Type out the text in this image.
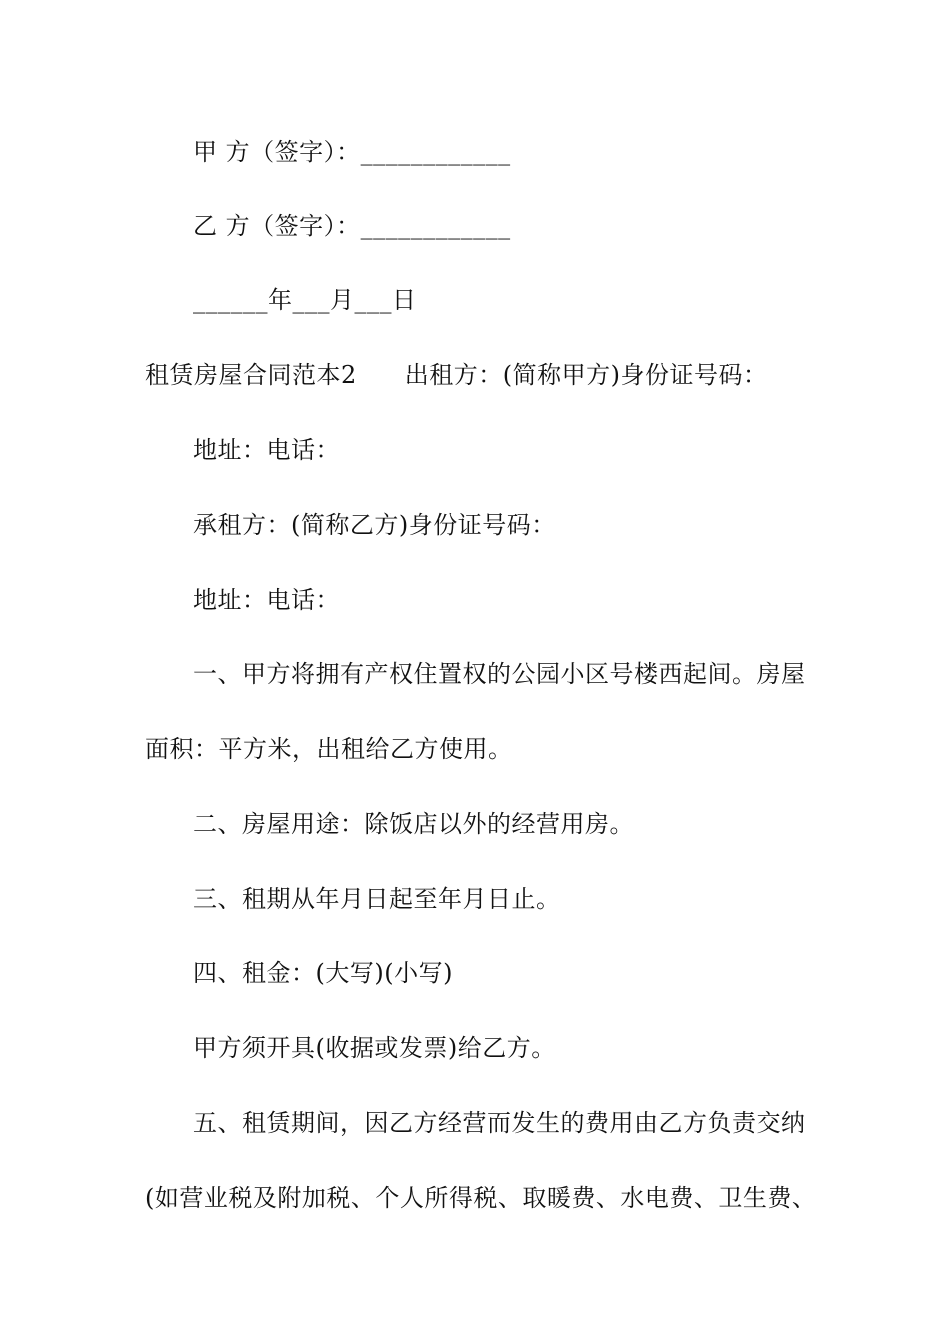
甲 方（签字）：____________
乙 方（签字）：____________
______年___月___日
租赁房屋合同范本2 出租方：(简称甲方)身份证号码：
地址：电话：
承租方：(简称乙方)身份证号码：
地址：电话：
一、甲方将拥有产权住置权的公园小区号楼西起间。房屋
面积：平方米，出租给乙方使用。
二、房屋用途：除饭店以外的经营用房。
三、租期从年月日起至年月日止。
四、租金：(大写)(小写)
甲方须开具(收据或发票)给乙方。
五、租赁期间，因乙方经营而发生的费用由乙方负责交纳
(如营业税及附加税、个人所得税、取暖费、水电费、卫生费、
